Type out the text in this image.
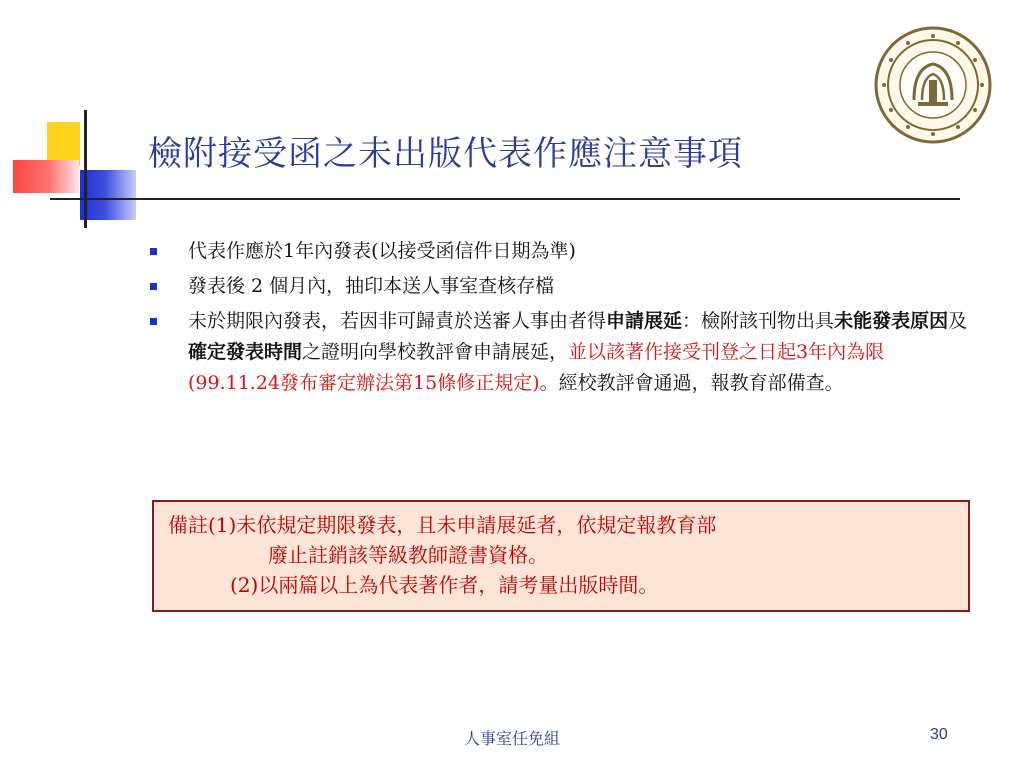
檢附接受函之未出版代表作應注意事項
代表作應於1年內發表(以接受函信件日期為準)
發表後 2 個月內，抽印本送人事室查核存檔
未於期限內發表，若因非可歸責於送審人事由者得申請展延：檢附該刊物出具未能發表原因及確定發表時間之證明向學校教評會申請展延，並以該著作接受刊登之日起3年內為限(99.11.24發布審定辦法第15條修正規定)。經校教評會通過，報教育部備查。
備註(1)未依規定期限發表，且未申請展延者，依規定報教育部
廢止註銷該等級教師證書資格。
(2)以兩篇以上為代表著作者，請考量出版時間。
人事室任免組	30
